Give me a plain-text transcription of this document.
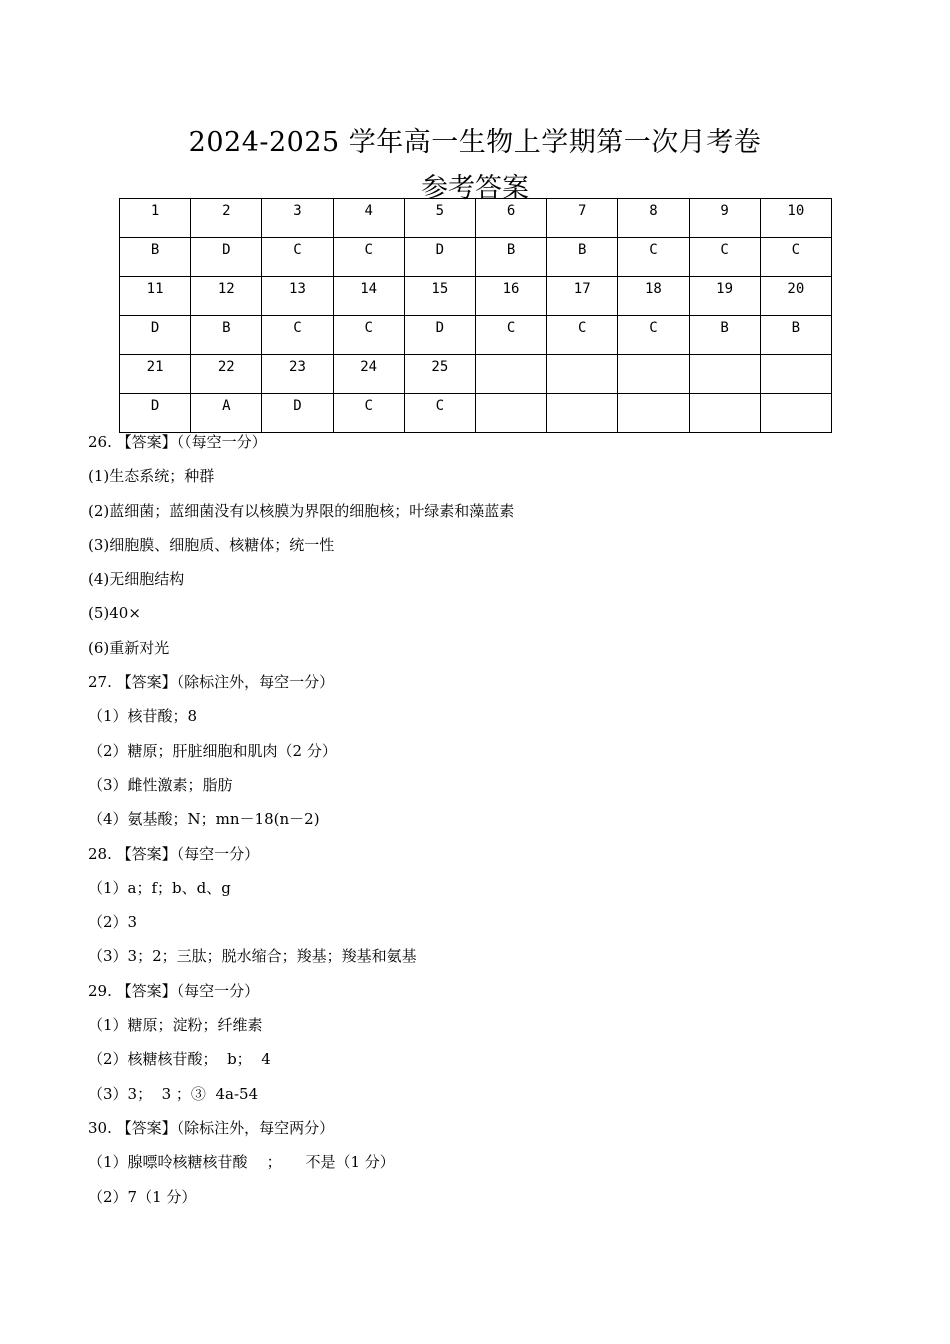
2024-2025 学年高一生物上学期第一次月考卷
参考答案
1	2	3	4	5	6	7	8	9	10
B	D	C	C	D	B	B	C	C	C
11	12	13	14	15	16	17	18	19	20
D	B	C	C	D	C	C	C	B	B
21	22	23	24	25					
D	A	D	C	C					
26. 【答案】（（每空一分）
(1)生态系统；种群
(2)蓝细菌；蓝细菌没有以核膜为界限的细胞核；叶绿素和藻蓝素
(3)细胞膜、细胞质、核糖体；统一性
(4)无细胞结构
(5)40×
(6)重新对光
27. 【答案】（除标注外，每空一分）
（1）核苷酸；8
（2）糖原；肝脏细胞和肌肉（2 分）
（3）雌性激素；脂肪
（4）氨基酸；N；mn－18(n－2)
28. 【答案】（每空一分）
（1）a；f；b、d、g
（2）3
（3）3；2；三肽；脱水缩合；羧基；羧基和氨基
29. 【答案】（每空一分）
（1）糖原；淀粉；纤维素
（2）核糖核苷酸；  b；  4
（3）3；  3 ；③  4a-54
30. 【答案】（除标注外，每空两分）
（1）腺嘌呤核糖核苷酸    ；     不是（1 分）
（2）7（1 分）
